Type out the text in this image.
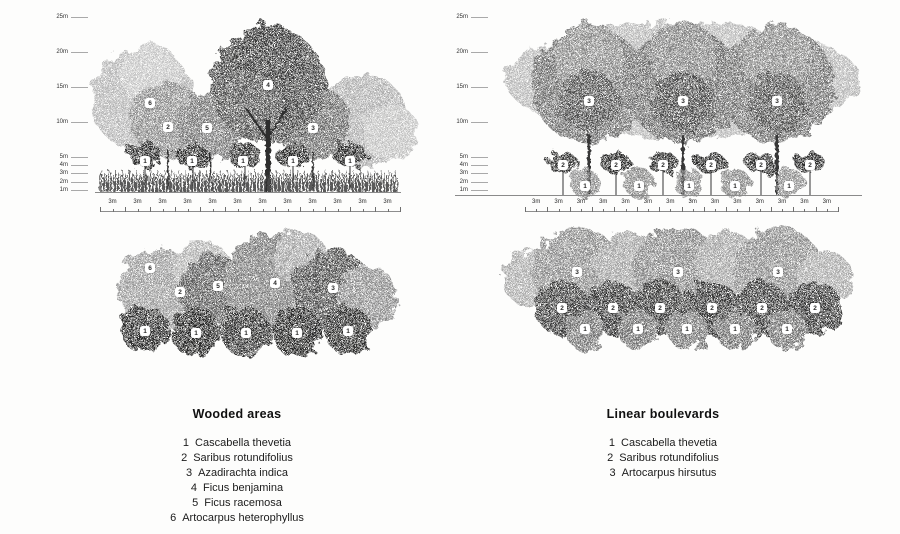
25m
20m
15m
10m
5m
4m
3m
2m
1m
25m
20m
15m
10m
5m
4m
3m
2m
1m
3m	3m	3m	3m	3m	3m	3m	3m	3m	3m	3m	3m	3m 3m 3m 3m 3m 3m 3m 3m 3m 3m 3m 3m 3m 3m
6
2	5
4
3
1	1	1	1	1
6
2
5	4
3
1	1	1	1	1
3	3	3
2	2	2	2	2	2
1	1	1	1	1
3	3	3
2	2	2	2	2	2
1	1	1	1	1
Wooded areas
1 Cascabella thevetia
2 Saribus rotundifolius
3 Azadirachta indica
4 Ficus benjamina
5 Ficus racemosa
6 Artocarpus heterophyllus
Linear boulevards
1 Cascabella thevetia
2 Saribus rotundifolius
3 Artocarpus hirsutus
